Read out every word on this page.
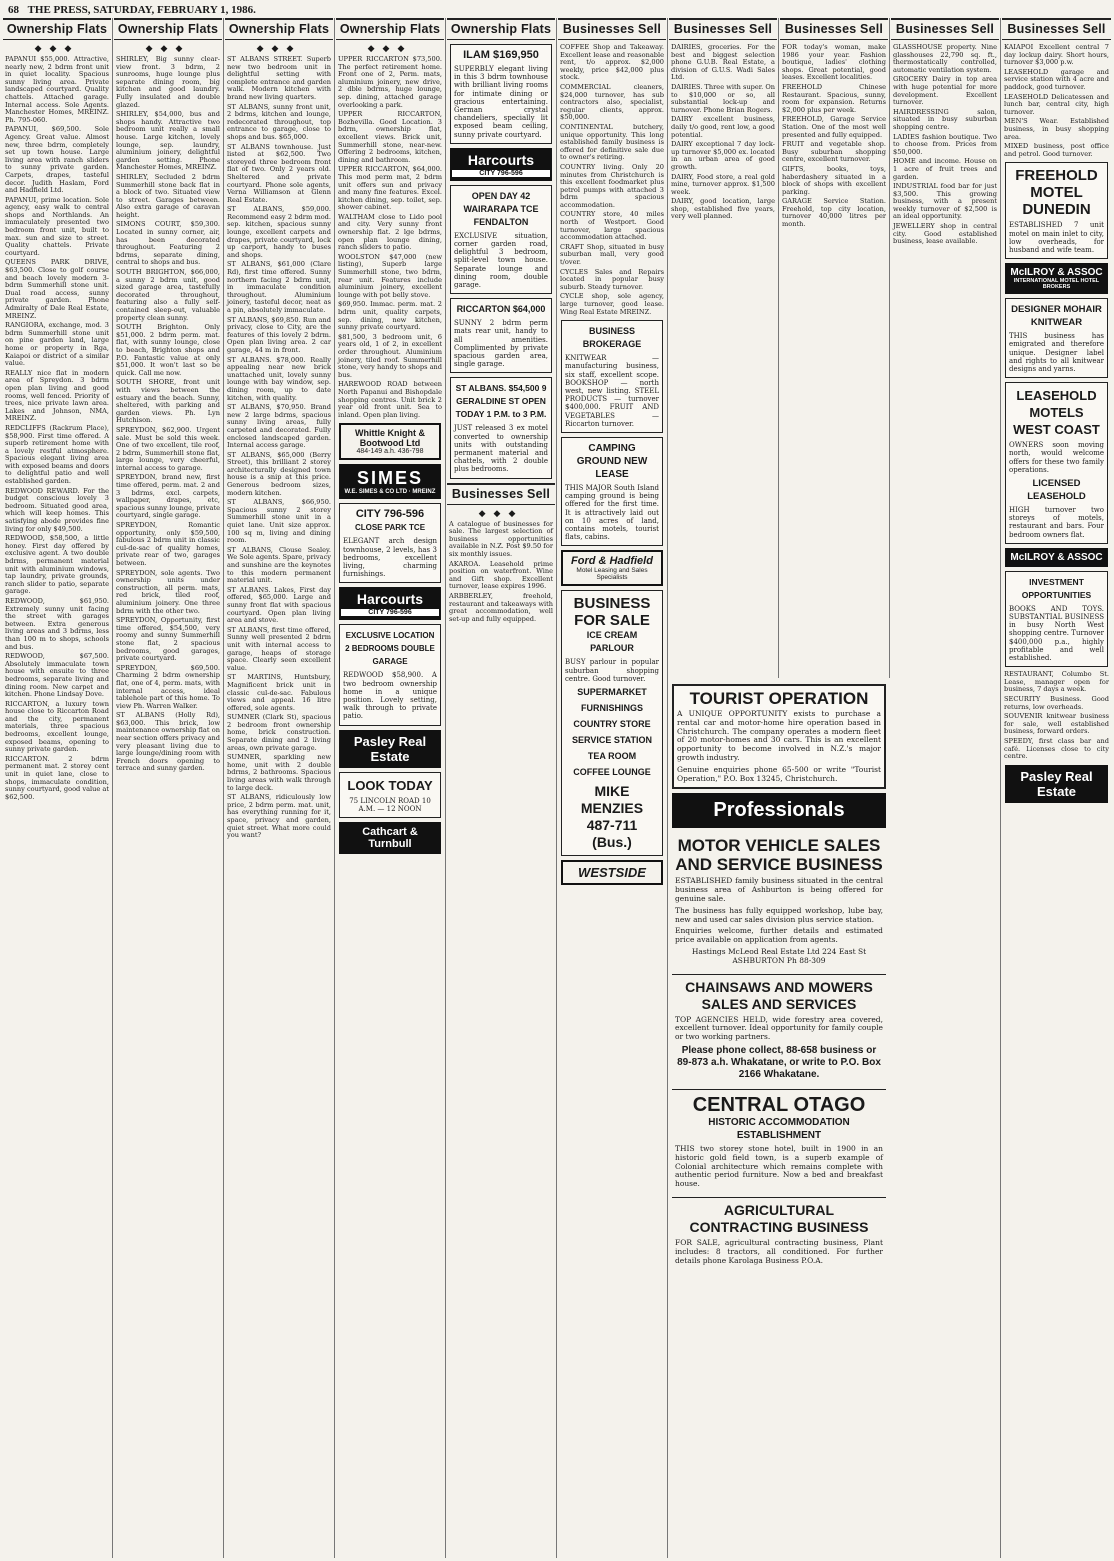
68 THE PRESS, SATURDAY, FEBRUARY 1, 1986.
Ownership Flats
◆◆◆

PAPANUI $55,000. Attractive, nearly new, 2 bdrm front unit in quiet locality. Spacious sunny living area. Private landscaped courtyard. Quality chattels. Attached garage. Internal access. Sole Agents. Manchester Homes, MREINZ. Ph. 795-060.

PAPANUI, $69,500. Sole Agency. Great value. Almost new, three bdrm, completely set up town house. Large living area with ranch sliders to sunny private garden. Carpets, drapes, tasteful decor. Judith Haslam, Ford and Hadfield Ltd.

PAPANUI, prime location. Sole agency, easy walk to central shops and Northlands. An immaculately presented two bedroom front unit, built to max. sun and size to street. Quality chattels. Private courtyard.

QUEENS PARK DRIVE, $63,500. Close to golf course and beach lovely modern 3-bdrm Summerhill stone unit. Dual road access, sunny private garden. Phone Admiralty of Dale Real Estate, MREINZ.

RANGIORA, exchange, mod. 3 bdrm Summerhill stone unit on pine garden land, large home or property in Rga, Kaiapoi or district of a similar value.

REALLY nice flat in modern area of Spreydon. 3 bdrm open plan living and good rooms, well fenced. Priority of trees, nice private lawn area. Lakes and Johnson, NMA, MREINZ.

REDCLIFFS (Rackrum Place), $58,900. First time offered. A superb retirement home with a lovely restful atmosphere. Spacious elegant living area with exposed beams and doors to delightful patio and well established garden.

REDWOOD REWARD. For the budget conscious lovely 3 bedroom. Situated good area, which will keep homes. This satisfying abode provides fine living for only $49,500.

REDWOOD, $58,500, a little honey. First day offered by exclusive agent. A two double bdrms, permanent material unit with aluminium windows, tap laundry, private grounds, ranch slider to patio, separate garage.

REDWOOD, $61,950. Extremely sunny unit facing the street with garages between. Extra generous living areas and 3 bdrms, less than 100 m to shops, schools and bus.

REDWOOD, $67,500. Absolutely immaculate town house with ensuite to three bedrooms, separate living and dining room. New carpet and kitchen. Phone Lindsay Dove.

RICCARTON, a luxury town house close to Riccarton Road and the city, permanent materials, three spacious bedrooms, excellent lounge, exposed beams, opening to sunny private garden.

RICCARTON. 2 bdrm permanent mat. 2 storey cent unit in quiet lane, close to shops, immaculate condition, sunny courtyard, good value at $62,500.

Ownership Flats
◆◆◆

SHIRLEY, Big sunny clear-view front. 3 bdrm, 2 sunrooms, huge lounge plus separate dining room, big kitchen and good laundry. Fully insulated and double glazed.

SHIRLEY, $54,000, bus and shops handy. Attractive two bedroom unit really a small house. Large kitchen, lovely lounge, sep. laundry, aluminium joinery, delightful garden setting. Phone Manchester Homes, MREINZ.

SHIRLEY, Secluded 2 bdrm Summerhill stone back flat in a block of two. Situated view to street. Garages between. Also extra garage of caravan height.

SIMONS COURT, $59,300. Located in sunny corner, air, has been decorated throughout. Featuring 2 bdrms, separate dining, central to shops and bus.

SOUTH BRIGHTON, $66,000, a sunny 2 bdrm unit, good sized garage area, tastefully decorated throughout, featuring also a fully self-contained sleep-out, valuable property clean sunny.

SOUTH Brighton. Only $51,000. 2 bdrm perm. mat. flat, with sunny lounge, close to beach, Brighton shops and P.O. Fantastic value at only $51,000. It won't last so be quick. Call me now.

SOUTH SHORE, front unit with views between the estuary and the beach. Sunny, sheltered, with parking and garden views. Ph. Lyn Hutchison.

SPREYDON, $62,900. Urgent sale. Must be sold this week. One of two excellent, tile roof, 2 bdrm, Summerhill stone flat, large lounge, very cheerful, internal access to garage.

SPREYDON, brand new, first time offered, perm. mat. 2 and 3 bdrms, excl. carpets, wallpaper, drapes, etc, spacious sunny lounge, private courtyard, single garage.

SPREYDON, Romantic opportunity, only $59,500, fabulous 2 bdrm unit in classic cul-de-sac of quality homes, private rear of two, garages between.

SPREYDON, sole agents. Two ownership units under construction, all perm. mats, red brick, tiled roof, aluminium joinery. One three bdrm with the other two.

SPREYDON, Opportunity, first time offered, $54,500, very roomy and sunny Summerhill stone flat, 2 spacious bedrooms, good garages, private courtyard.

SPREYDON, $69,500. Charming 2 bdrm ownership flat, one of 4, perm. mats, with internal access, ideal tablehole part of this home. To view Ph. Warren Walker.

ST ALBANS (Holly Rd), $63,000. This brick, low maintenance ownership flat on near section offers privacy and very pleasant living due to large lounge/dining room with French doors opening to terrace and sunny garden.

Ownership Flats
◆◆◆

ST ALBANS STREET. Superb new two bedroom unit in delightful setting with complete entrance and garden walk. Modern kitchen with brand new living quarters.

ST ALBANS, sunny front unit, 2 bdrms, kitchen and lounge, redecorated throughout, top entrance to garage, close to shops and bus. $65,000.

ST ALBANS townhouse. Just listed at $62,500. Two storeyed three bedroom front flat of two. Only 2 years old. Sheltered and private courtyard. Phone sole agents, Verna Williamson at Glenn Real Estate.

ST ALBANS, $59,000. Recommend easy 2 bdrm mod. sep. kitchen, spacious sunny lounge, excellent carpets and drapes, private courtyard, lock up carport, handy to buses and shops.

ST ALBANS, $61,000 (Clare Rd), first time offered. Sunny northern facing 2 bdrm unit, in immaculate condition throughout. Aluminium joinery, tasteful decor, neat as a pin, absolutely immaculate.

ST ALBANS, $69,850. Run and privacy, close to City, are the features of this lovely 2 bdrm. Open plan living area. 2 car garage, 44 m in front.

ST ALBANS. $78,000. Really appealing near new brick unattached unit, lovely sunny lounge with bay window, sep. dining room, up to date kitchen, with quality.

ST ALBANS, $70,950. Brand new 2 large bdrms, spacious sunny living areas, fully carpeted and decorated. Fully enclosed landscaped garden. Internal access garage.

ST ALBANS, $65,000 (Berry Street), this brilliant 2 storey architecturally designed town house is a snip at this price. Generous bedroom sizes, modern kitchen.

ST ALBANS, $66,950. Spacious sunny 2 storey Summerhill stone unit in a quiet lane. Unit size approx. 100 sq m, living and dining room.

ST ALBANS, Clouse Sealey. We Sole agents. Spare, privacy and sunshine are the keynotes to this modern permanent material unit.

ST ALBANS. Lakes, First day offered, $65,000. Large and sunny front flat with spacious courtyard. Open plan living area and stove.

ST ALBANS, first time offered, Sunny well presented 2 bdrm unit with internal access to garage, heaps of storage space. Clearly seen excellent value.

ST MARTINS, Huntsbury, Magnificent brick unit in classic cul-de-sac. Fabulous views and appeal. 16 litre offered, sole agents.

SUMNER (Clark St), spacious 2 bedroom front ownership home, brick construction. Separate dining and 2 living areas, own private garage.

SUMNER, sparkling new home, unit with 2 double bdrms, 2 bathrooms. Spacious living areas with walk through to large deck.

ST ALBANS, ridiculously low price, 2 bdrm perm. mat. unit, has everything running for it, space, privacy and garden, quiet street. What more could you want?

Ownership Flats
◆◆◆

UPPER RICCARTON $73,500. The perfect retirement home. Front one of 2, Perm. mats, aluminium joinery, new drive, 2 dble bdrms, huge lounge, sep. dining, attached garage overlooking a park.

UPPER RICCARTON, Bozhevilla. Good Location. 3 bdrm, ownership flat, excellent views. Brick unit, Summerhill stone, near-new. Offering 2 bedrooms, kitchen, dining and bathroom.

UPPER RICCARTON, $64,000. This mod perm mat, 2 bdrm unit offers sun and privacy and many fine features. Excel. kitchen dining, sep. toilet, sep. shower cabinet.

WALTHAM close to Lido pool and city. Very sunny front ownership flat. 2 lge bdrms, open plan lounge dining, ranch sliders to patio.

WOOLSTON $47,000 (new listing), Superb large Summerhill stone, two bdrm, rear unit. Features include aluminium joinery, excellent lounge with pot belly stove.

$69,950. Immac. perm. mat. 2 bdrm unit, quality carpets, sep. dining, new kitchen, sunny private courtyard.

$81,500, 3 bedroom unit, 6 years old, 1 of 2, in excellent order throughout. Aluminium joinery, tiled roof. Summerhill stone, very handy to shops and bus.

HAREWOOD ROAD between North Papanui and Bishopdale shopping centres. Unit brick 2 year old front unit. Sea to inland. Open plan living.

Whittle Knight & Bootwood Ltd
484-149 a.h. 436-798
SIMES
W.E. SIMES & CO LTD · MREINZ
CITY 796-596
CLOSE PARK TCE
ELEGANT arch design townhouse, 2 levels, has 3 bedrooms, excellent living, charming furnishings.
Harcourts
CITY 796-596
EXCLUSIVE LOCATION 2 BEDROOMS DOUBLE GARAGE
REDWOOD $58,900. A two bedroom ownership home in a unique position. Lovely setting, walk through to private patio.
Pasley Real Estate
LOOK TODAY
75 LINCOLN ROAD 10 A.M. — 12 NOON
Cathcart & Turnbull
Ownership Flats
ILAM $169,950
SUPERBLY elegant living in this 3 bdrm townhouse with brilliant living rooms for intimate dining or gracious entertaining. German crystal chandeliers, specially lit exposed beam ceiling, sunny private courtyard.
Harcourts
CITY 796-596
OPEN DAY 42 WAIRARAPA TCE FENDALTON
EXCLUSIVE situation, corner garden road, delightful 3 bedroom, split-level town house. Separate lounge and dining room, double garage.
RICCARTON $64,000
SUNNY 2 bdrm perm mats rear unit, handy to all amenities. Complimented by private spacious garden area, single garage.
ST ALBANS. $54,500 9 GERALDINE ST OPEN TODAY 1 P.M. to 3 P.M.
JUST released 3 ex motel converted to ownership units with outstanding permanent material and chattels, with 2 double plus bedrooms.
Businesses Sell
◆◆◆

A catalogue of businesses for sale. The largest selection of business opportunities available in N.Z. Post $9.50 for six monthly issues.

AKAROA. Leasehold prime position on waterfront. Wine and Gift shop. Excellent turnover, lease expires 1996.

ARBBERLEY, freehold, restaurant and takeaways with great accommodation, well set-up and fully equipped.

Businesses Sell

COFFEE Shop and Takeaway. Excellent lease and reasonable rent, t/o approx. $2,000 weekly, price $42,000 plus stock.

COMMERCIAL cleaners, $24,000 turnover, has sub contractors also, specialist, regular clients, approx. $50,000.

CONTINENTAL butchery, unique opportunity. This long established family business is offered for definitive sale due to owner's retiring.

COUNTRY living. Only 20 minutes from Christchurch is this excellent foodmarket plus petrol pumps with attached 3 bdrm spacious accommodation.

COUNTRY store, 40 miles north of Westport. Good turnover, large spacious accommodation attached.

CRAFT Shop, situated in busy suburban mall, very good t/over.

CYCLES Sales and Repairs located in popular busy suburb. Steady turnover.

CYCLE shop, sole agency, large turnover, good lease. Wing Real Estate MREINZ.

BUSINESS BROKERAGE
KNITWEAR — manufacturing business, six staff, excellent scope. BOOKSHOP — north west, new listing. STEEL PRODUCTS — turnover $400,000. FRUIT AND VEGETABLES — Riccarton turnover.
CAMPING GROUND NEW LEASE
THIS MAJOR South Island camping ground is being offered for the first time. It is attractively laid out on 10 acres of land, contains motels, tourist flats, cabins.
Ford & Hadfield
Motel Leasing and Sales Specialists
BUSINESS FOR SALE
ICE CREAM PARLOUR
BUSY parlour in popular suburban shopping centre. Good turnover.
SUPERMARKET
FURNISHINGS
COUNTRY STORE
SERVICE STATION
TEA ROOM
COFFEE LOUNGE
MIKE MENZIES
487-711 (Bus.)
WESTSIDE
Businesses Sell

DAIRIES, groceries. For the best and biggest selection phone G.U.B. Real Estate, a division of G.U.S. Wadi Sales Ltd.

DAIRIES. Three with super. On to $10,000 or so, all substantial lock-up and turnover. Phone Brian Rogers.

DAIRY excellent business, daily t/o good, rent low, a good potential.

DAIRY exceptional 7 day lock-up turnover $5,000 ex. located in an urban area of good growth.

DAIRY, Food store, a real gold mine, turnover approx. $1,500 week.

DAIRY, good location, large shop, established five years, very well planned.

Businesses Sell

FOR today's woman, make 1986 your year. Fashion boutique, ladies' clothing shops. Great potential, good leases. Excellent localities.

FREEHOLD Chinese Restaurant. Spacious, sunny, room for expansion. Returns $2,000 plus per week.

FREEHOLD, Garage Service Station. One of the most well presented and fully equipped.

FRUIT and vegetable shop. Busy suburban shopping centre, excellent turnover.

GIFTS, books, toys, haberdashery situated in a block of shops with excellent parking.

GARAGE Service Station. Freehold, top city location, turnover 40,000 litres per month.

Businesses Sell

GLASSHOUSE property. Nine glasshouses 22,790 sq. ft., thermostatically controlled, automatic ventilation system.

GROCERY Dairy in top area with huge potential for more development. Excellent turnover.

HAIRDRESSING salon, situated in busy suburban shopping centre.

LADIES fashion boutique. Two to choose from. Prices from $50,000.

HOME and income. House on 1 acre of fruit trees and garden.

INDUSTRIAL food bar for just $3,500. This growing business, with a present weekly turnover of $2,500 is an ideal opportunity.

JEWELLERY shop in central city. Good established business, lease available.

Businesses Sell

KAIAPOI Excellent central 7 day lockup dairy. Short hours, turnover $3,000 p.w.

LEASEHOLD garage and service station with 4 acre and paddock, good turnover.

LEASEHOLD Delicatessen and lunch bar, central city, high turnover.

MEN'S Wear. Established business, in busy shopping area.

MIXED business, post office and petrol. Good turnover.

FREEHOLD MOTEL DUNEDIN
ESTABLISHED 7 unit motel on main inlet to city, low overheads, for husband and wife team.
McILROY & ASSOC
INTERNATIONAL MOTEL HOTEL BROKERS
DESIGNER MOHAIR KNITWEAR
THIS business has emigrated and therefore unique. Designer label and rights to all knitwear designs and yarns.
LEASEHOLD MOTELS WEST COAST
OWNERS soon moving north, would welcome offers for these two family operations.
LICENSED LEASEHOLD
HIGH turnover two storeys of motels, restaurant and bars. Four bedroom owners flat.
McILROY & ASSOC
INVESTMENT OPPORTUNITIES
BOOKS AND TOYS. SUBSTANTIAL BUSINESS in busy North West shopping centre. Turnover $400,000 p.a., highly profitable and well established.

RESTAURANT, Columbo St. Lease, manager open for business, 7 days a week.

SECURITY Business. Good returns, low overheads.

SOUVENIR knitwear business for sale, well established business, forward orders.

SPEEDY, first class bar and café. Licenses close to city centre.

Pasley Real Estate
TOURIST OPERATION
A UNIQUE OPPORTUNITY exists to purchase a rental car and motor-home hire operation based in Christchurch. The company operates a modern fleet of 20 motor-homes and 30 cars. This is an excellent opportunity to become involved in N.Z.'s major growth industry.
Genuine enquiries phone 65-500 or write "Tourist Operation," P.O. Box 13245, Christchurch.
Professionals
MOTOR VEHICLE SALES AND SERVICE BUSINESS
ESTABLISHED family business situated in the central business area of Ashburton is being offered for genuine sale.
The business has fully equipped workshop, lube bay, new and used car sales division plus service station.
Enquiries welcome, further details and estimated price available on application from agents.
Hastings McLeod Real Estate Ltd 224 East St ASHBURTON Ph 88-309
CHAINSAWS AND MOWERS SALES AND SERVICES
TOP AGENCIES HELD, wide forestry area covered, excellent turnover. Ideal opportunity for family couple or two working partners.
Please phone collect, 88-658 business or 89-873 a.h. Whakatane, or write to P.O. Box 2166 Whakatane.
CENTRAL OTAGO
HISTORIC ACCOMMODATION ESTABLISHMENT
THIS two storey stone hotel, built in 1900 in an historic gold field town, is a superb example of Colonial architecture which remains complete with authentic period furniture. Now a bed and breakfast house.
AGRICULTURAL CONTRACTING BUSINESS
FOR SALE, agricultural contracting business, Plant includes: 8 tractors, all conditioned. For further details phone Karolaga Business P.O.A.
